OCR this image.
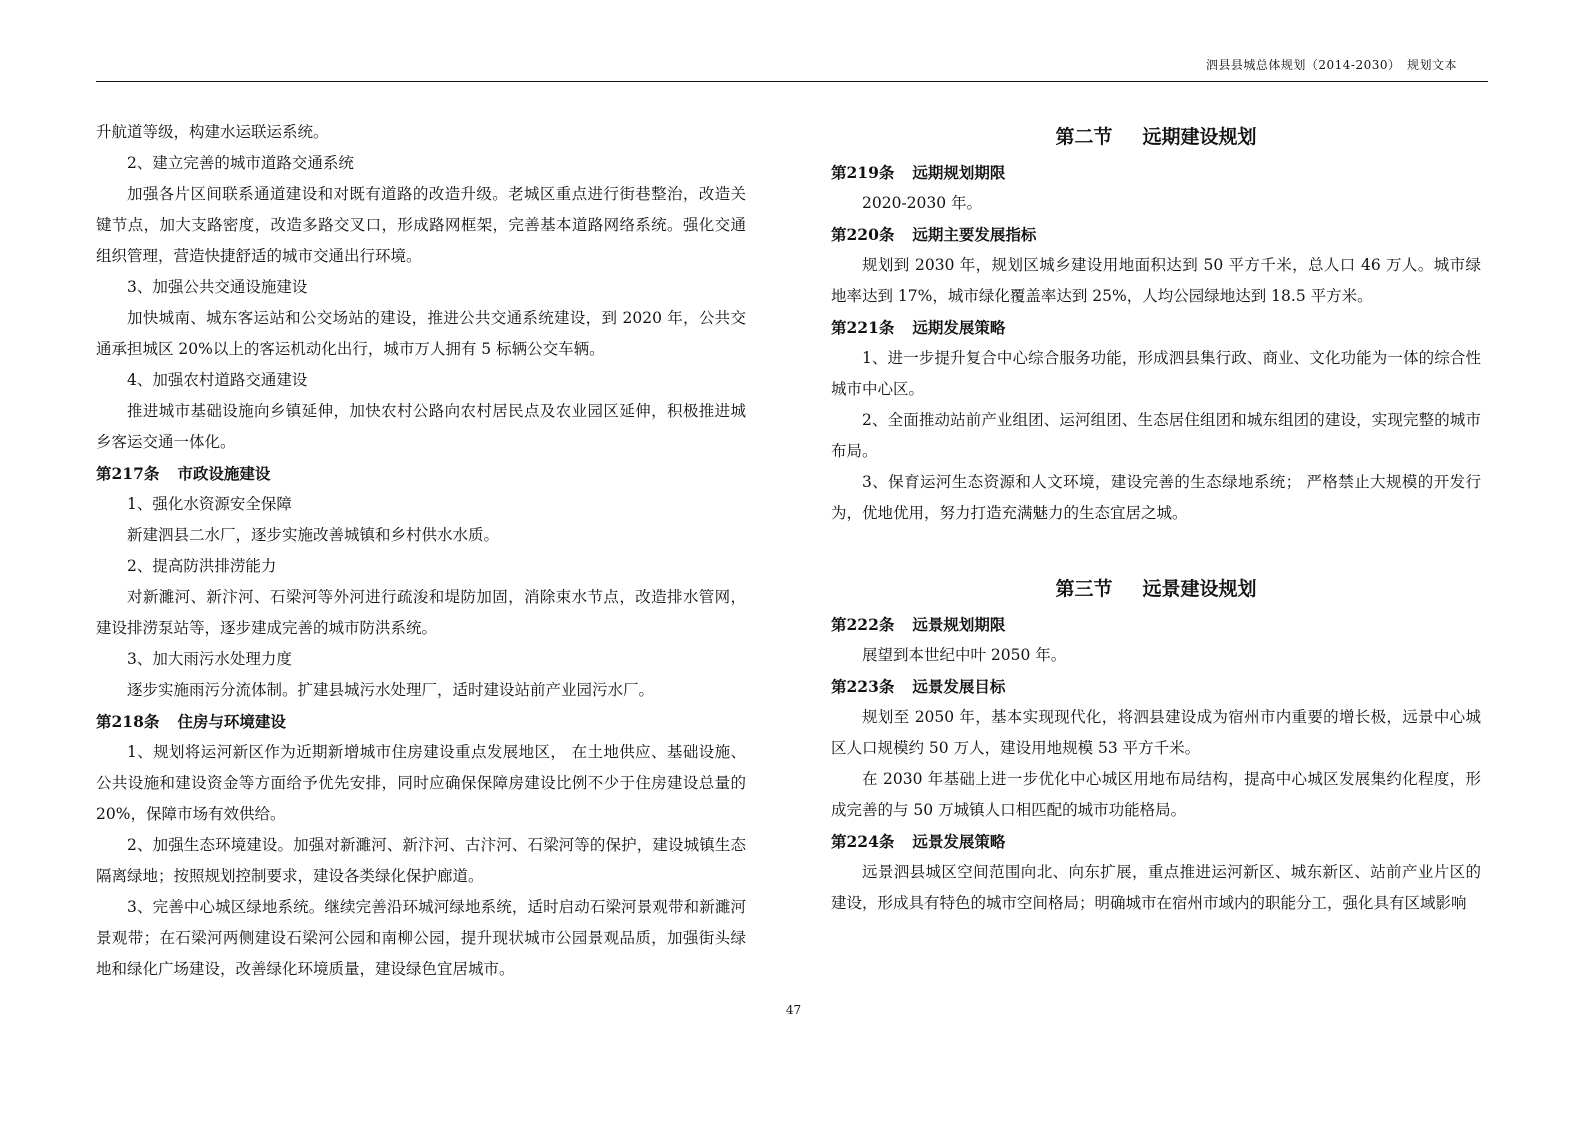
泗县县城总体规划（2014-2030）　规划文本

升航道等级，构建水运联运系统。

2、建立完善的城市道路交通系统

加强各片区间联系通道建设和对既有道路的改造升级。老城区重点进行街巷整治，改造关键节点，加大支路密度，改造多路交叉口，形成路网框架，完善基本道路网络系统。强化交通组织管理，营造快捷舒适的城市交通出行环境。

3、加强公共交通设施建设

加快城南、城东客运站和公交场站的建设，推进公共交通系统建设，到 2020 年，公共交通承担城区 20%以上的客运机动化出行，城市万人拥有 5 标辆公交车辆。

4、加强农村道路交通建设

推进城市基础设施向乡镇延伸，加快农村公路向农村居民点及农业园区延伸，积极推进城乡客运交通一体化。

第217条 市政设施建设

1、强化水资源安全保障

新建泗县二水厂，逐步实施改善城镇和乡村供水水质。

2、提高防洪排涝能力

对新濉河、新汴河、石梁河等外河进行疏浚和堤防加固，消除束水节点，改造排水管网，建设排涝泵站等，逐步建成完善的城市防洪系统。

3、加大雨污水处理力度

逐步实施雨污分流体制。扩建县城污水处理厂，适时建设站前产业园污水厂。

第218条 住房与环境建设

1、规划将运河新区作为近期新增城市住房建设重点发展地区， 在土地供应、基础设施、公共设施和建设资金等方面给予优先安排，同时应确保保障房建设比例不少于住房建设总量的 20%，保障市场有效供给。

2、加强生态环境建设。加强对新濉河、新汴河、古汴河、石梁河等的保护，建设城镇生态隔离绿地；按照规划控制要求，建设各类绿化保护廊道。

3、完善中心城区绿地系统。继续完善沿环城河绿地系统，适时启动石梁河景观带和新濉河景观带；在石梁河两侧建设石梁河公园和南柳公园，提升现状城市公园景观品质，加强街头绿地和绿化广场建设，改善绿化环境质量，建设绿色宜居城市。

第二节 远期建设规划
第219条 远期规划期限

2020-2030 年。

第220条 远期主要发展指标

规划到 2030 年，规划区城乡建设用地面积达到 50 平方千米，总人口 46 万人。城市绿地率达到 17%，城市绿化覆盖率达到 25%，人均公园绿地达到 18.5 平方米。

第221条 远期发展策略

1、进一步提升复合中心综合服务功能，形成泗县集行政、商业、文化功能为一体的综合性城市中心区。

2、全面推动站前产业组团、运河组团、生态居住组团和城东组团的建设，实现完整的城市布局。

3、保育运河生态资源和人文环境，建设完善的生态绿地系统； 严格禁止大规模的开发行为，优地优用，努力打造充满魅力的生态宜居之城。

第三节 远景建设规划
第222条 远景规划期限

展望到本世纪中叶 2050 年。

第223条 远景发展目标

规划至 2050 年，基本实现现代化，将泗县建设成为宿州市内重要的增长极，远景中心城区人口规模约 50 万人，建设用地规模 53 平方千米。

在 2030 年基础上进一步优化中心城区用地布局结构，提高中心城区发展集约化程度，形成完善的与 50 万城镇人口相匹配的城市功能格局。

第224条 远景发展策略

远景泗县城区空间范围向北、向东扩展，重点推进运河新区、城东新区、站前产业片区的建设，形成具有特色的城市空间格局；明确城市在宿州市域内的职能分工，强化具有区域影响

47
